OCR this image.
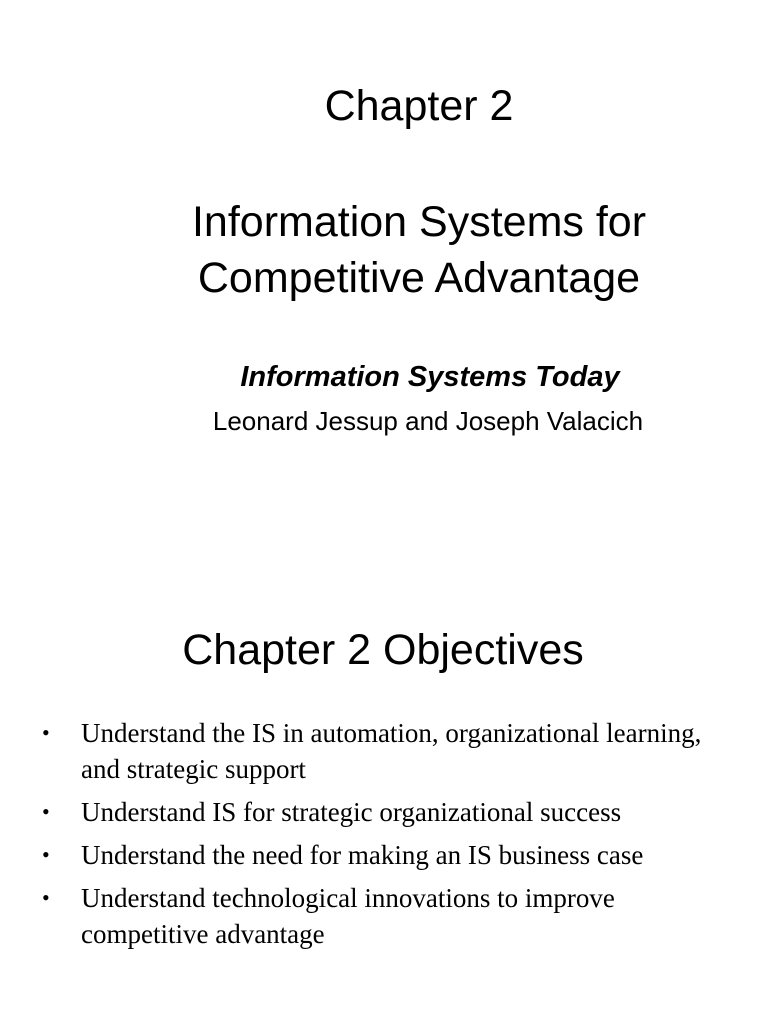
Chapter 2
Information Systems for
Competitive Advantage
Information Systems Today
Leonard Jessup and Joseph Valacich
Chapter 2 Objectives
• Understand the IS in automation, organizational learning, and strategic support
• Understand IS for strategic organizational success
• Understand the need for making an IS business case
• Understand technological innovations to improve competitive advantage
